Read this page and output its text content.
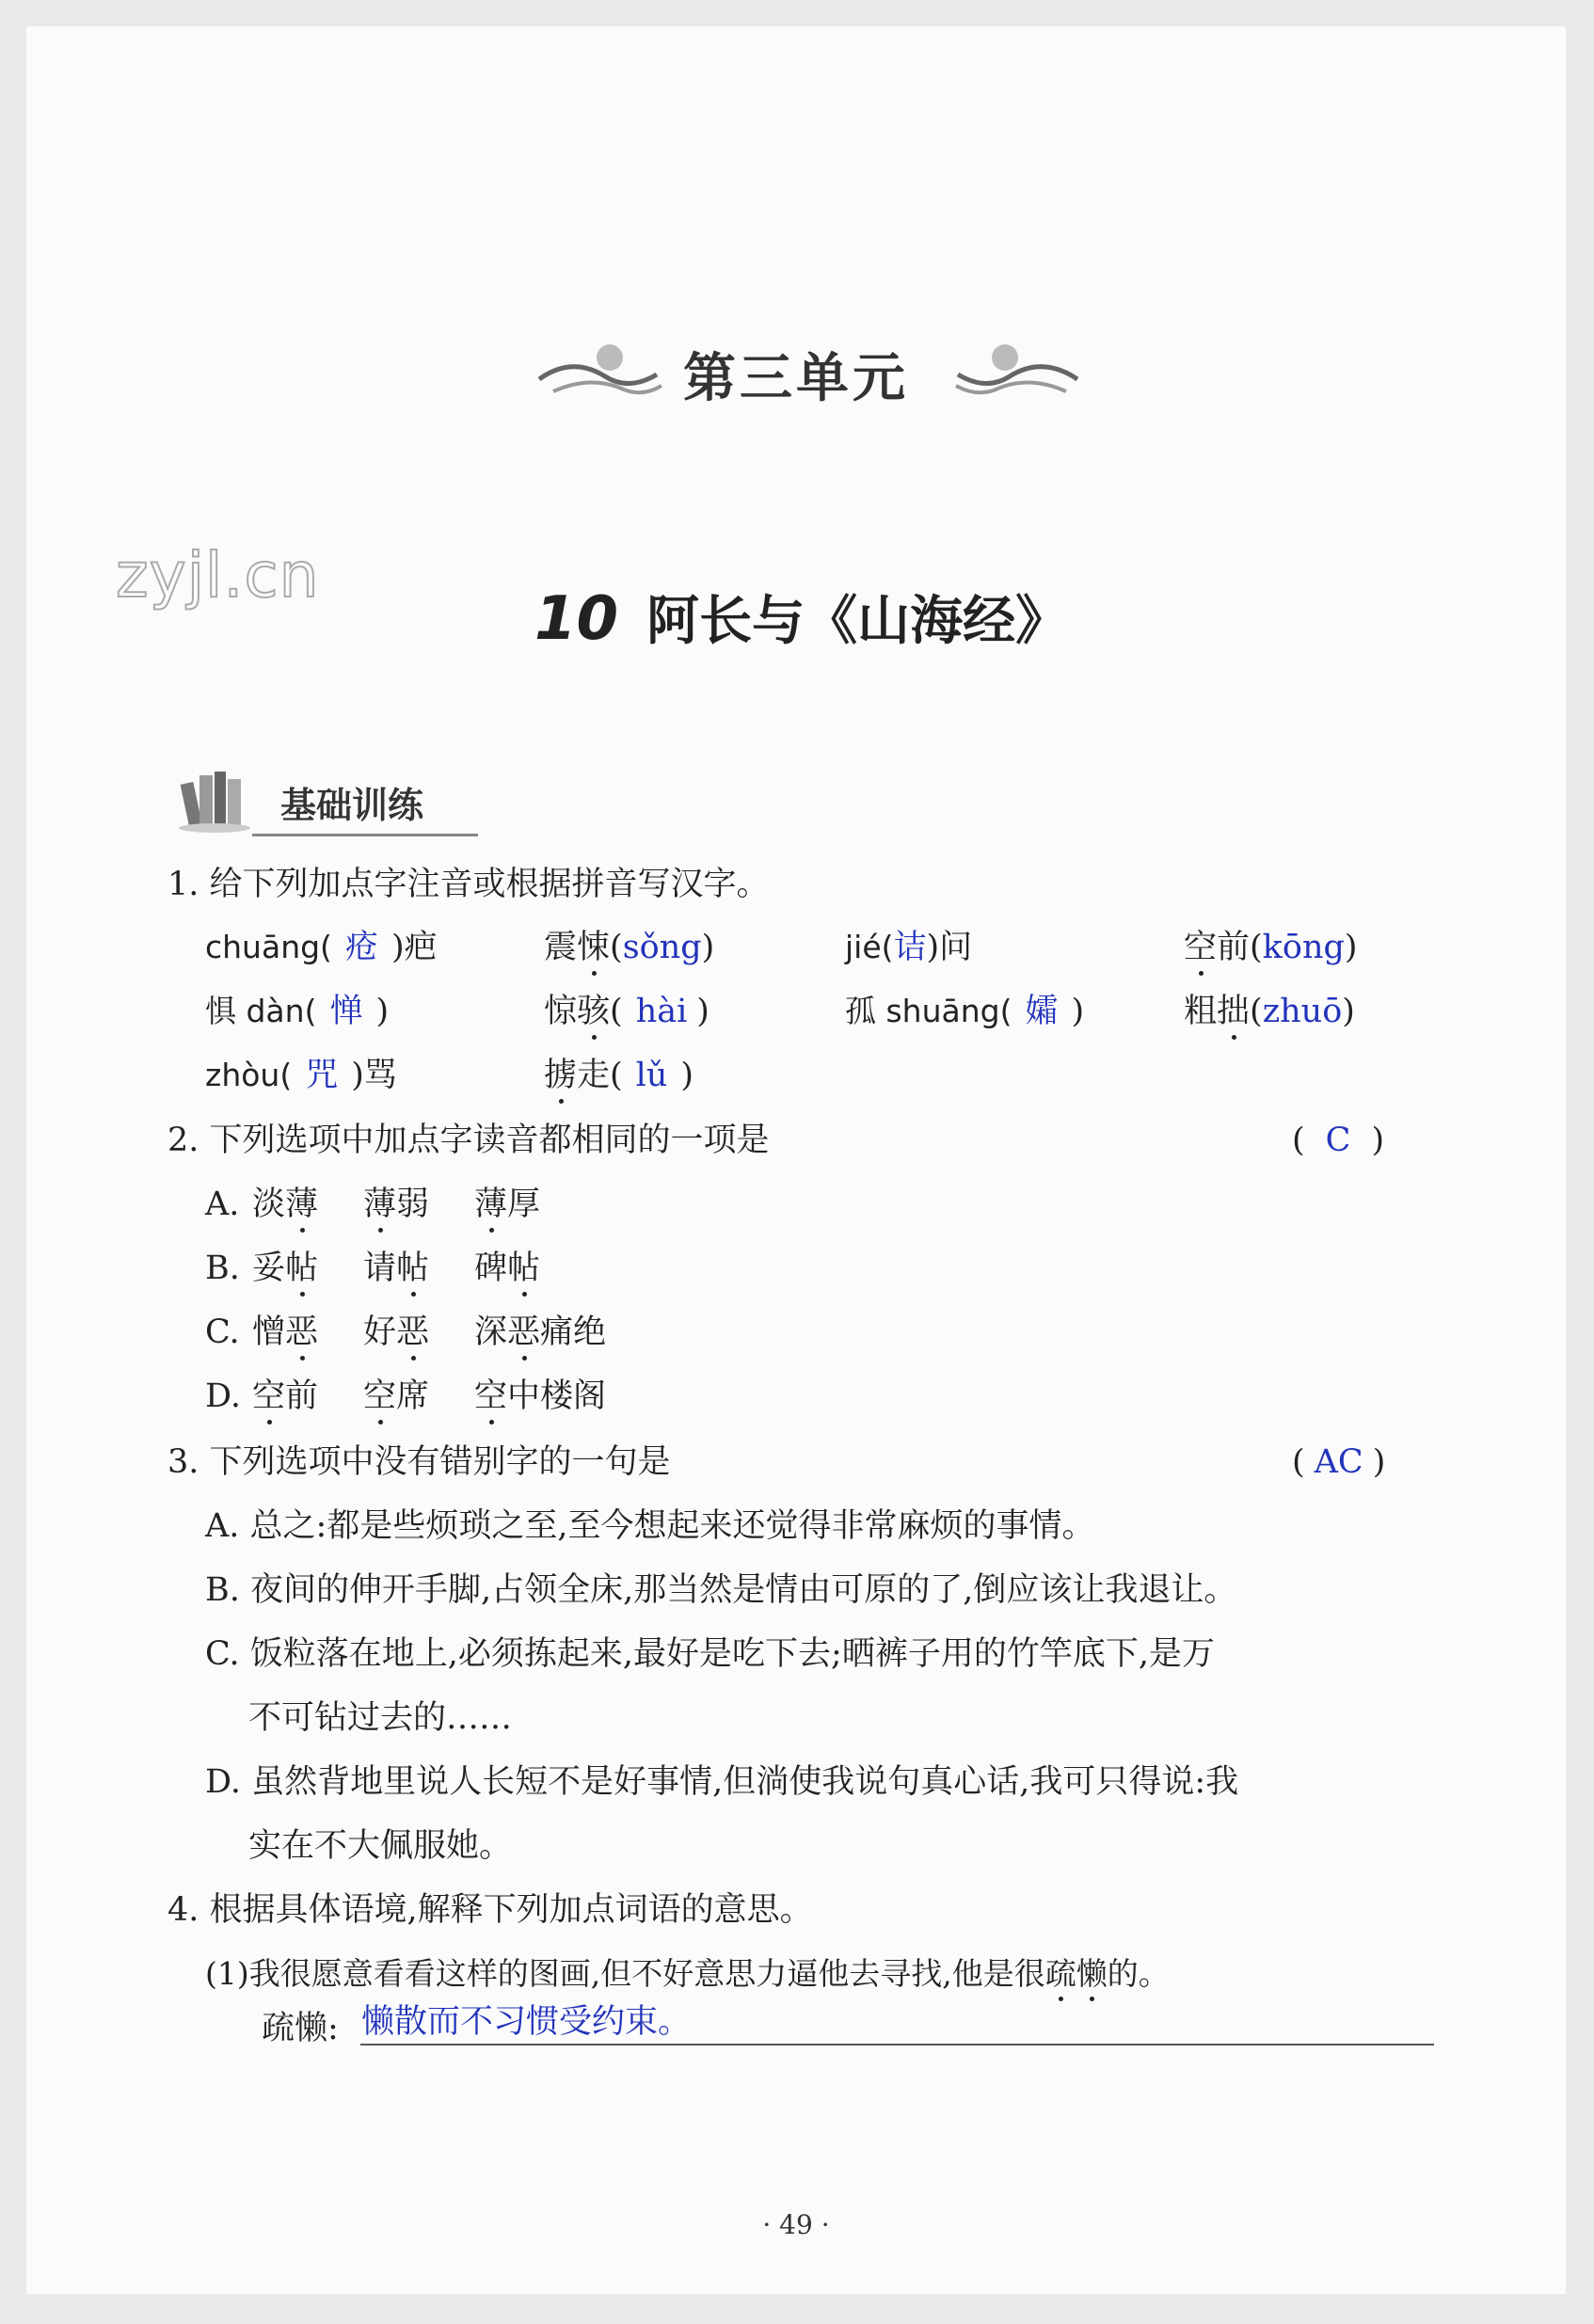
第三单元
zyjl.cn
10 阿长与《山海经》
基础训练
1. 给下列加点字注音或根据拼音写汉字。
chuāng( 疮 )疤	震悚(sǒng)	jié(诘)问	空前(kōng)
惧 dàn( 惮 )	惊骇( hài )	孤 shuāng( 孀 )	粗拙(zhuō)
zhòu( 咒 )骂	掳走( lǔ )
2. 下列选项中加点字读音都相同的一项是	( C )
A. 淡薄 薄弱 薄厚
B. 妥帖 请帖 碑帖
C. 憎恶 好恶 深恶痛绝
D. 空前 空席 空中楼阁
3. 下列选项中没有错别字的一句是	( AC )
A. 总之:都是些烦琐之至,至今想起来还觉得非常麻烦的事情。
B. 夜间的伸开手脚,占领全床,那当然是情由可原的了,倒应该让我退让。
C. 饭粒落在地上,必须拣起来,最好是吃下去;晒裤子用的竹竿底下,是万
不可钻过去的……
D. 虽然背地里说人长短不是好事情,但淌使我说句真心话,我可只得说:我
实在不大佩服她。
4. 根据具体语境,解释下列加点词语的意思。
(1)我很愿意看看这样的图画,但不好意思力逼他去寻找,他是很疏懒的。
疏懒: 懒散而不习惯受约束。
· 49 ·
